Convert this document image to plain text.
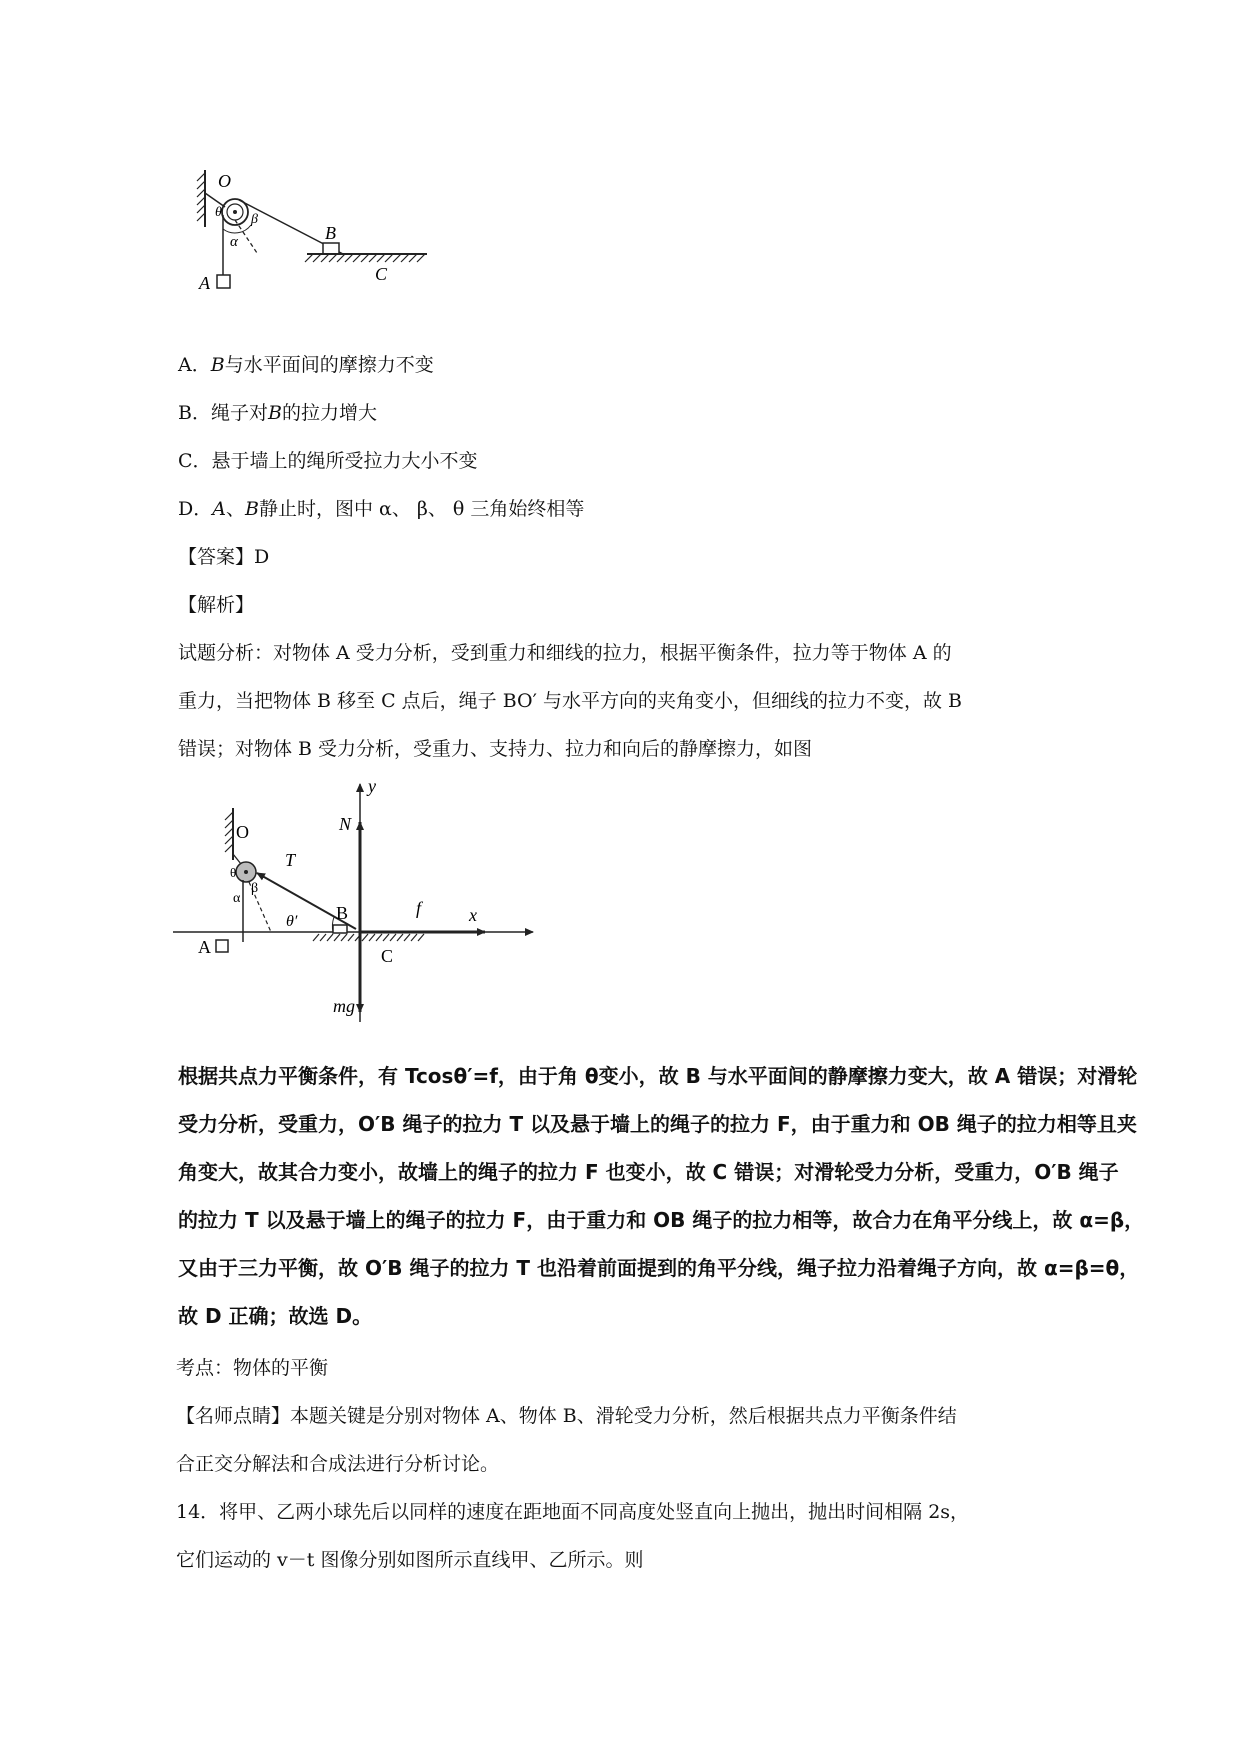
O
θ β
α	B
A	C
A．B与水平面间的摩擦力不变
B．绳子对B的拉力增大
C．悬于墙上的绳所受拉力大小不变
D．A、B静止时，图中 α、 β、 θ 三角始终相等
【答案】D
【解析】
试题分析：对物体 A 受力分析，受到重力和细线的拉力，根据平衡条件，拉力等于物体 A 的
重力，当把物体 B 移至 C 点后，绳子 BO′ 与水平方向的夹角变小，但细线的拉力不变，故 B
错误；对物体 B 受力分析，受重力、支持力、拉力和向后的静摩擦力，如图
y
N
O
T
θ
α
β
θ′ B	f	x
A	C
mg
根据共点力平衡条件，有 Tcosθ′=f，由于角 θ变小，故 B 与水平面间的静摩擦力变大，故 A 错误；对滑轮
受力分析，受重力，O′B 绳子的拉力 T 以及悬于墙上的绳子的拉力 F，由于重力和 OB 绳子的拉力相等且夹
角变大，故其合力变小，故墙上的绳子的拉力 F 也变小，故 C 错误；对滑轮受力分析，受重力，O′B 绳子
的拉力 T 以及悬于墙上的绳子的拉力 F，由于重力和 OB 绳子的拉力相等，故合力在角平分线上，故 α=β，
又由于三力平衡，故 O′B 绳子的拉力 T 也沿着前面提到的角平分线，绳子拉力沿着绳子方向，故 α=β=θ，
故 D 正确；故选 D。
考点：物体的平衡
【名师点睛】本题关键是分别对物体 A、物体 B、滑轮受力分析，然后根据共点力平衡条件结
合正交分解法和合成法进行分析讨论。
14．将甲、乙两小球先后以同样的速度在距地面不同高度处竖直向上抛出，抛出时间相隔 2s，
它们运动的 v－t 图像分别如图所示直线甲、乙所示。则
